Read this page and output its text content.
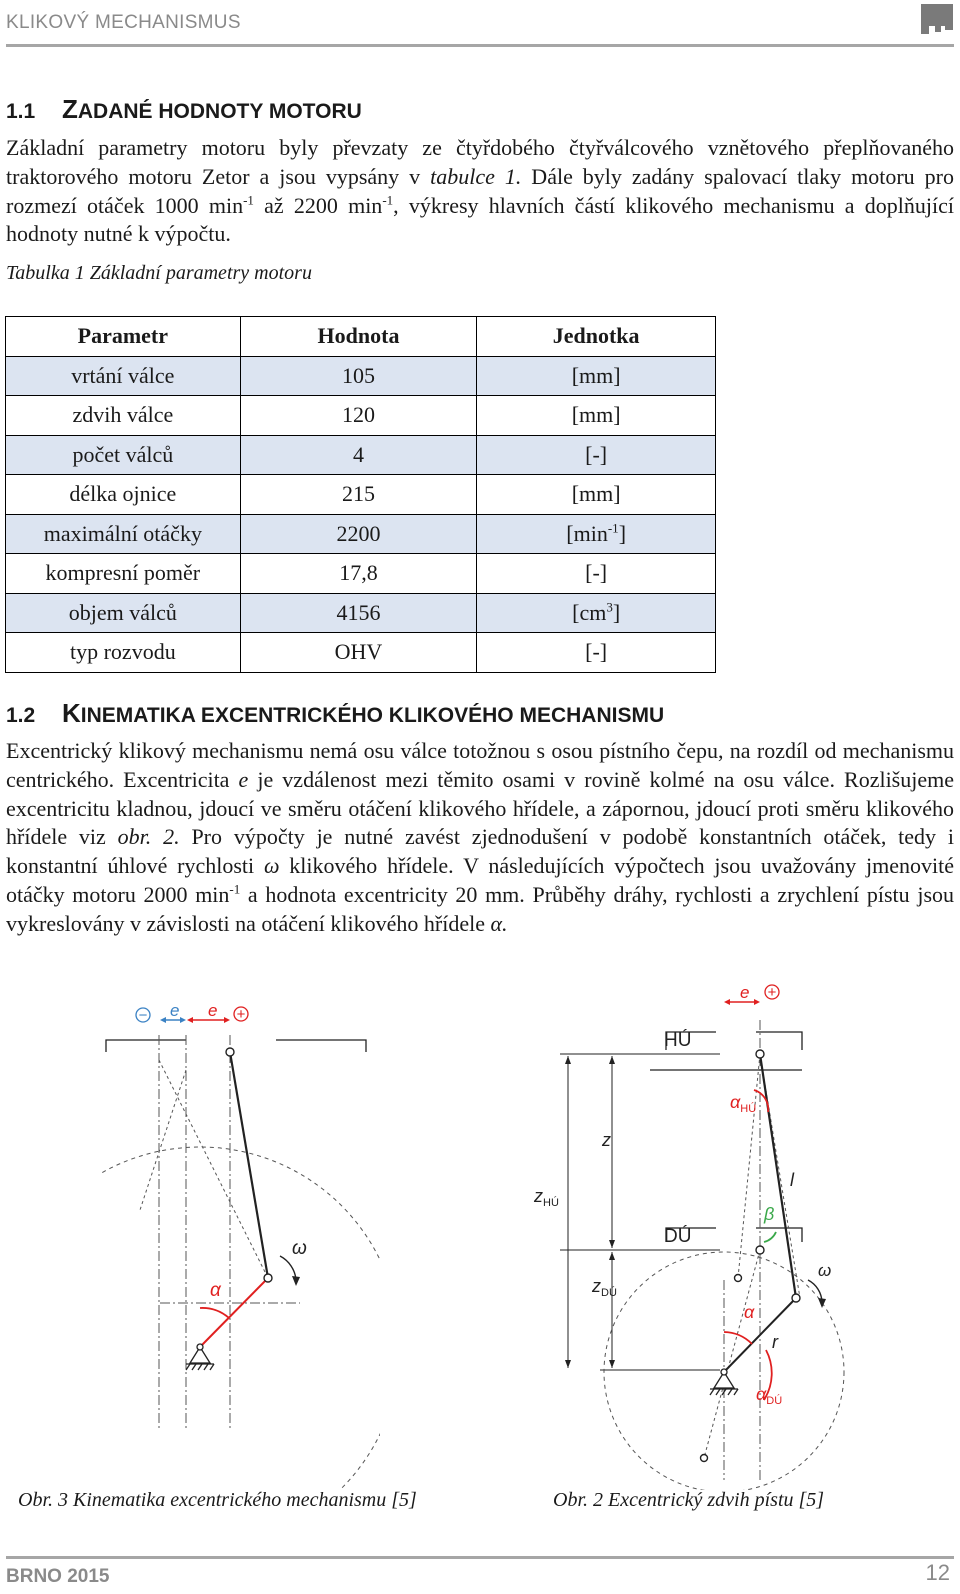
KLIKOVÝ MECHANISMUS
1.1 ZADANÉ HODNOTY MOTORU

Základní parametry motoru byly převzaty ze čtyřdobého čtyřválcového vznětového přeplňovaného traktorového motoru Zetor a jsou vypsány v tabulce 1. Dále byly zadány spalovací tlaky motoru pro rozmezí otáček 1000 $\min^{-1}$ až 2200 $\min^{-1}$, výkresy hlavních částí klikového mechanismu a doplňující hodnoty nutné k výpočtu.

Tabulka 1 Základní parametry motoru
Parametr	Hodnota	Jednotka
vrtání válce	105	[mm]
zdvih válce	120	[mm]
počet válců	4	[-]
délka ojnice	215	[mm]
maximální otáčky	2200	$[\min^{-1}]$
kompresní poměr	17,8	[-]
objem válců	4156	$[cm^3]$
typ rozvodu	OHV	[-]
1.2 KINEMATIKA EXCENTRICKÉHO KLIKOVÉHO MECHANISMU

Excentrický klikový mechanismu nemá osu válce totožnou s osou pístního čepu, na rozdíl od mechanismu centrického. Excentricita e je vzdálenost mezi těmito osami v rovině kolmé na osu válce. Rozlišujeme excentricitu kladnou, jdoucí ve směru otáčení klikového hřídele, a zápornou, jdoucí proti směru klikového hřídele viz obr. 2. Pro výpočty je nutné zavést zjednodušení v podobě konstantních otáček, tedy i konstantní úhlové rychlosti ω klikového hřídele. V následujících výpočtech jsou uvažovány jmenovité otáčky motoru 2000 $\min^{-1} a$ hodnota excentricity 20 mm. Průběhy dráhy, rychlosti a zrychlení pístu jsou vykreslovány v závislosti na otáčení klikového hřídele α.

−	+
e e
ω
α
+
e
HÚ
DÚ
z
$z_{HÚ}$
$z_{DÚ}$
$\alpha_{HÚ}$
l
β
ω
α
r
$\alpha_{DÚ}$
Obr. 3 Kinematika excentrického mechanismu [5]	Obr. 2 Excentrický zdvih pístu [5]
BRNO 2015	12
